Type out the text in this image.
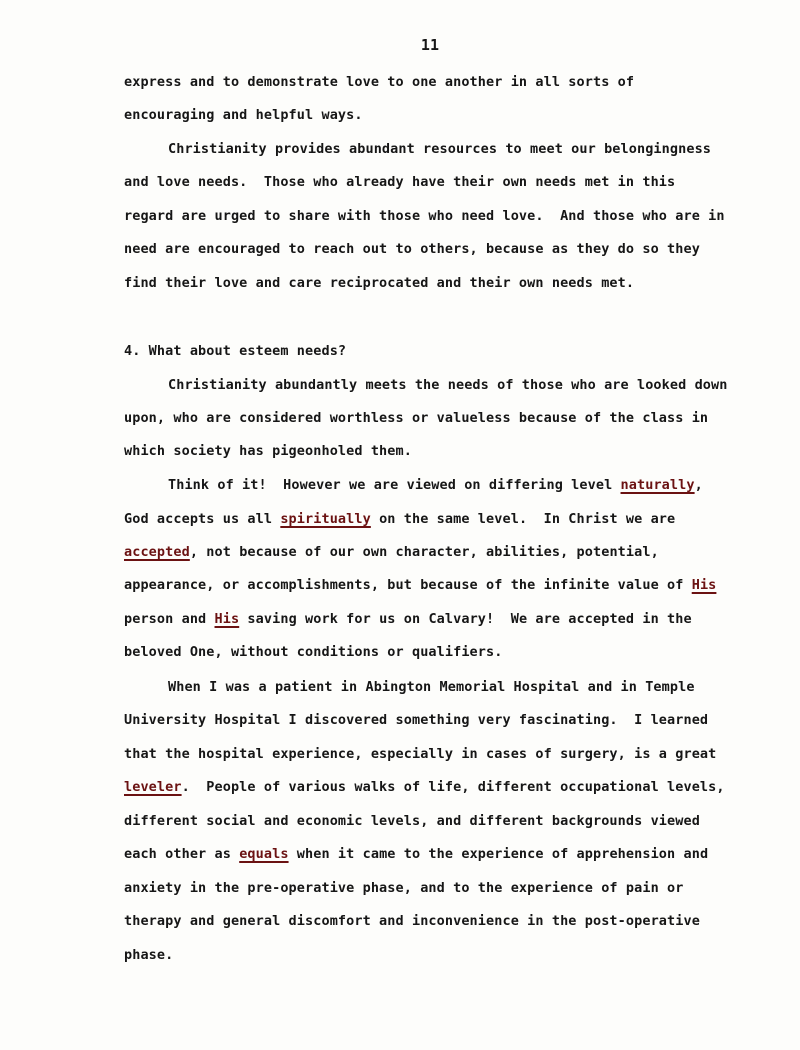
11
express and to demonstrate love to one another in all sorts of
encouraging and helpful ways.
Christianity provides abundant resources to meet our belongingness
and love needs.  Those who already have their own needs met in this
regard are urged to share with those who need love.  And those who are in
need are encouraged to reach out to others, because as they do so they
find their love and care reciprocated and their own needs met.
4. What about esteem needs?
Christianity abundantly meets the needs of those who are looked down
upon, who are considered worthless or valueless because of the class in
which society has pigeonholed them.
Think of it!  However we are viewed on differing level naturally,
God accepts us all spiritually on the same level.  In Christ we are
accepted, not because of our own character, abilities, potential,
appearance, or accomplishments, but because of the infinite value of His
person and His saving work for us on Calvary!  We are accepted in the
beloved One, without conditions or qualifiers.
When I was a patient in Abington Memorial Hospital and in Temple
University Hospital I discovered something very fascinating.  I learned
that the hospital experience, especially in cases of surgery, is a great
leveler.  People of various walks of life, different occupational levels,
different social and economic levels, and different backgrounds viewed
each other as equals when it came to the experience of apprehension and
anxiety in the pre-operative phase, and to the experience of pain or
therapy and general discomfort and inconvenience in the post-operative
phase.
